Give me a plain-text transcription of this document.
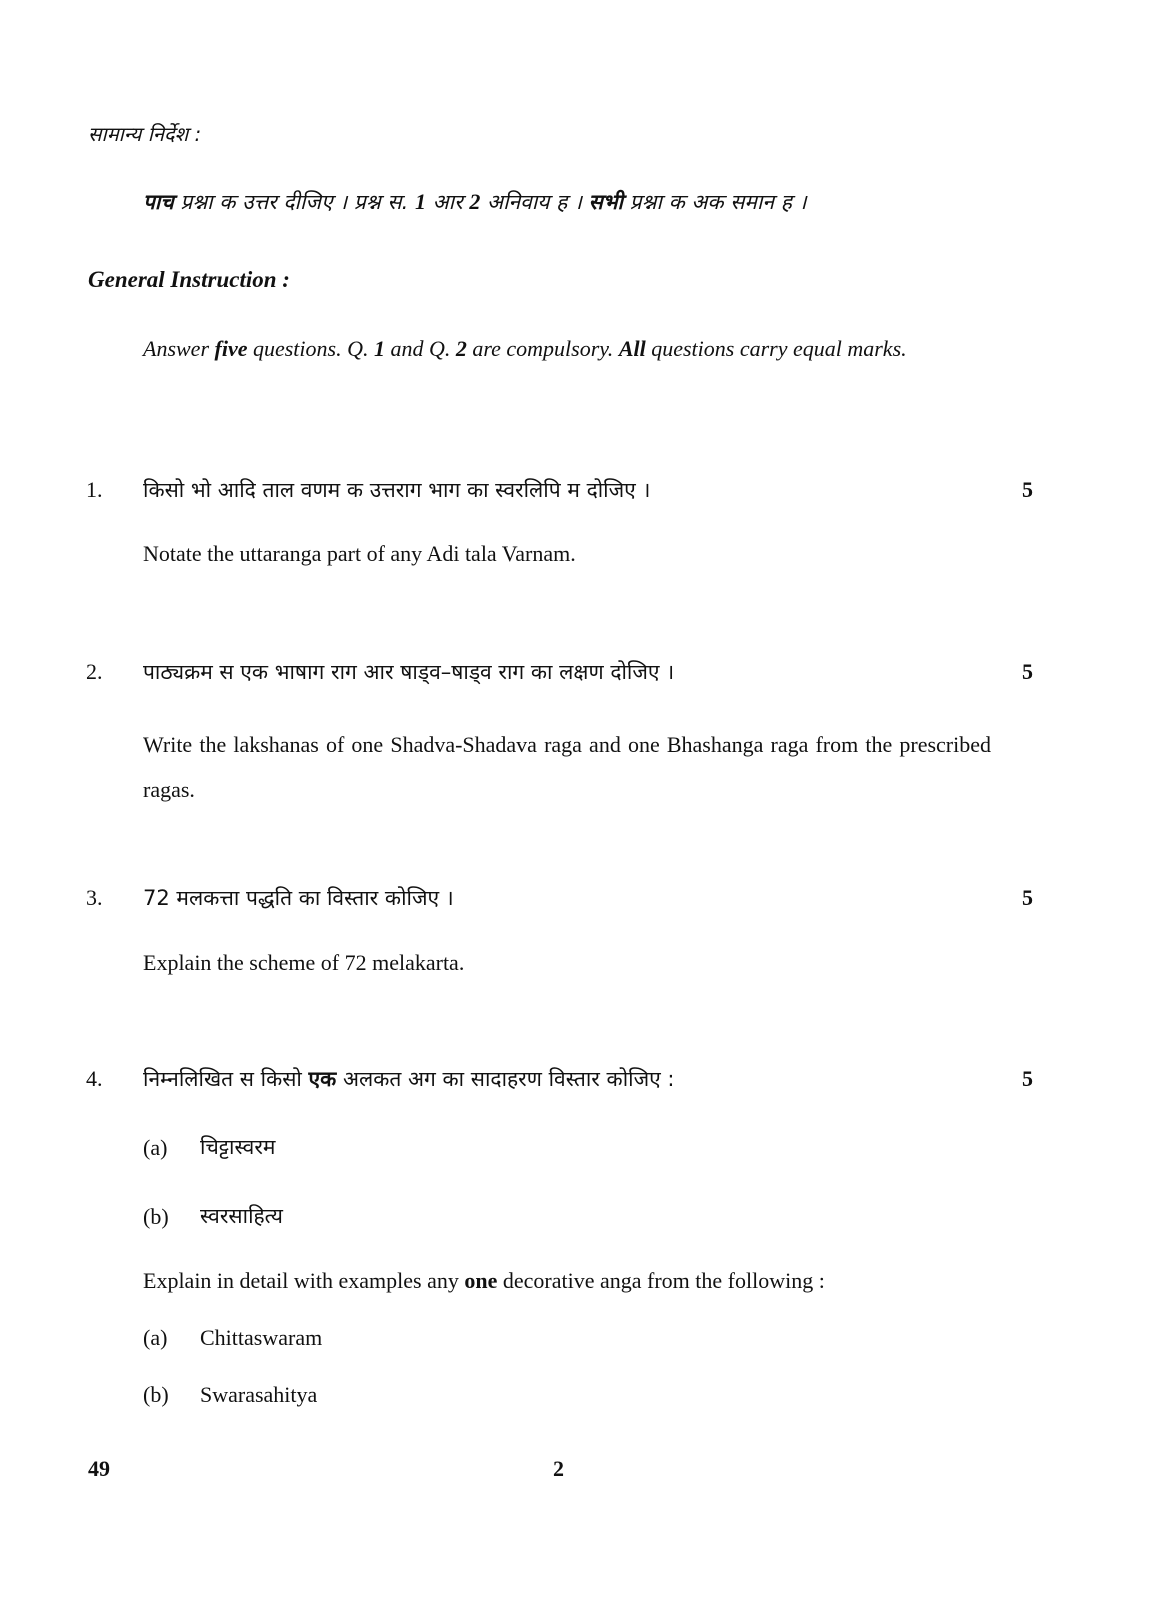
सामान्य निर्देश :
पाच प्रश्ना क उत्तर दीजिए । प्रश्न स. 1 आर 2 अनिवाय ह । सभी प्रश्ना क अक समान ह ।
General Instruction :
Answer five questions. Q. 1 and Q. 2 are compulsory. All questions carry equal marks.
1. किसो भो आदि ताल वणम क उत्तराग भाग का स्वरलिपि म दोजिए ।	5
Notate the uttaranga part of any Adi tala Varnam.
2. पाठ्यक्रम स एक भाषाग राग आर षाड्व–षाड्व राग का लक्षण दोजिए ।	5
Write the lakshanas of one Shadva-Shadava raga and one Bhashanga raga from the prescribed ragas.
3. 72 मलकत्ता पद्धति का विस्तार कोजिए ।	5
Explain the scheme of 72 melakarta.
4. निम्नलिखित स किसो एक अलकत अग का सादाहरण विस्तार कोजिए :	5
(a) चिट्टास्वरम
(b) स्वरसाहित्य
Explain in detail with examples any one decorative anga from the following :
(a) Chittaswaram
(b) Swarasahitya
49	2
